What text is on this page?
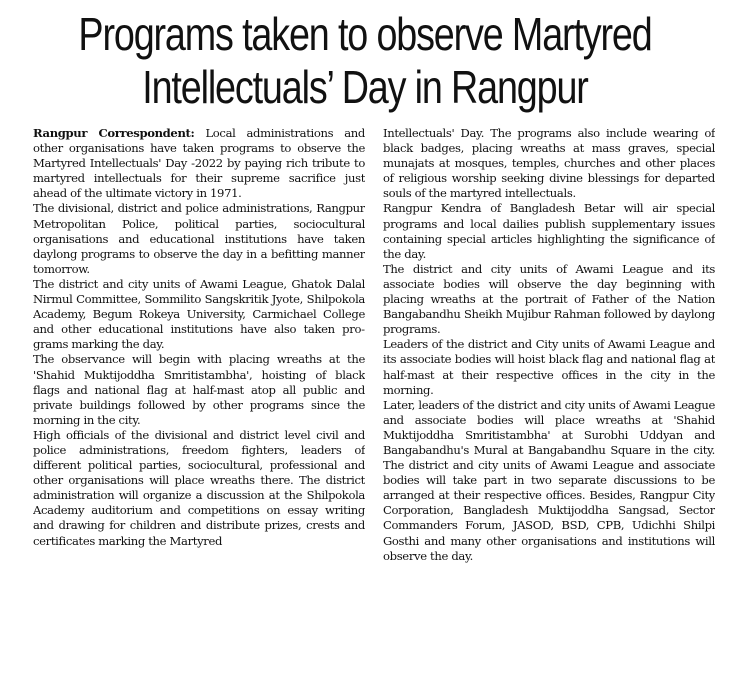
Programs taken to observe Martyred
Intellectuals’ Day in Rangpur

Rangpur Correspondent: Local administrations and other organisations have taken programs to observe the Martyred Intellectuals' Day -2022 by paying rich tribute to martyred intellectuals for their supreme sacrifice just ahead of the ultimate victory in 1971.

The divisional, district and police administrations, Rangpur Metropolitan Police, political parties, sociocultural organisations and educational institutions have taken daylong programs to observe the day in a befitting manner tomorrow.

The district and city units of Awami League, Ghatok Dalal Nirmul Committee, Sommilito Sangskritik Jyote, Shilpokola Academy, Begum Rokeya University, Carmichael College and other educational institutions have also taken programs marking the day.

The observance will begin with placing wreaths at the 'Shahid Muktijoddha Smritistambha', hoisting of black flags and national flag at half-mast atop all public and private buildings followed by other programs since the morning in the city.

High officials of the divisional and district level civil and police administrations, freedom fighters, leaders of different political parties, sociocultural, professional and other organisations will place wreaths there. The district administration will organize a discussion at the Shilpokola Academy auditorium and competitions on essay writing and drawing for children and distribute prizes, crests and certificates marking the Martyred

Intellectuals' Day. The programs also include wearing of black badges, placing wreaths at mass graves, special munajats at mosques, temples, churches and other places of religious worship seeking divine blessings for departed souls of the martyred intellectuals.

Rangpur Kendra of Bangladesh Betar will air special programs and local dailies publish supplementary issues containing special articles highlighting the significance of the day.

The district and city units of Awami League and its associate bodies will observe the day beginning with placing wreaths at the portrait of Father of the Nation Bangabandhu Sheikh Mujibur Rahman followed by daylong programs.

Leaders of the district and City units of Awami League and its associate bodies will hoist black flag and national flag at half-mast at their respective offices in the city in the morning.

Later, leaders of the district and city units of Awami League and associate bodies will place wreaths at 'Shahid Muktijoddha Smritistambha' at Surobhi Uddyan and Bangabandhu's Mural at Bangabandhu Square in the city. The district and city units of Awami League and associate bodies will take part in two separate discussions to be arranged at their respective offices. Besides, Rangpur City Corporation, Bangladesh Muktijoddha Sangsad, Sector Commanders Forum, JASOD, BSD, CPB, Udichhi Shilpi Gosthi and many other organisations and institutions will observe the day.
